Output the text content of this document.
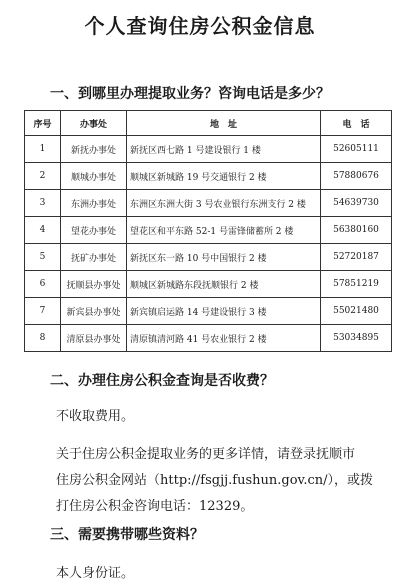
个人查询住房公积金信息
一、到哪里办理提取业务？咨询电话是多少？
序号	办事处	地　址	电　话
1	新抚办事处	新抚区西七路 1 号建设银行 1 楼	52605111
2	顺城办事处	顺城区新城路 19 号交通银行 2 楼	57880676
3	东洲办事处	东洲区东洲大街 3 号农业银行东洲支行 2 楼	54639730
4	望花办事处	望花区和平东路 52-1 号雷锋储蓄所 2 楼	56380160
5	抚矿办事处	新抚区东一路 10 号中国银行 2 楼	52720187
6	抚顺县办事处	顺城区新城路东段抚顺银行 2 楼	57851219
7	新宾县办事处	新宾镇启运路 14 号建设银行 3 楼	55021480
8	清原县办事处	清原镇清河路 41 号农业银行 2 楼	53034895
二、办理住房公积金查询是否收费？
不收取费用。
关于住房公积金提取业务的更多详情，请登录抚顺市
住房公积金网站（http://fsgjj.fushun.gov.cn/），或拨
打住房公积金咨询电话：12329。
三、需要携带哪些资料？
本人身份证。
